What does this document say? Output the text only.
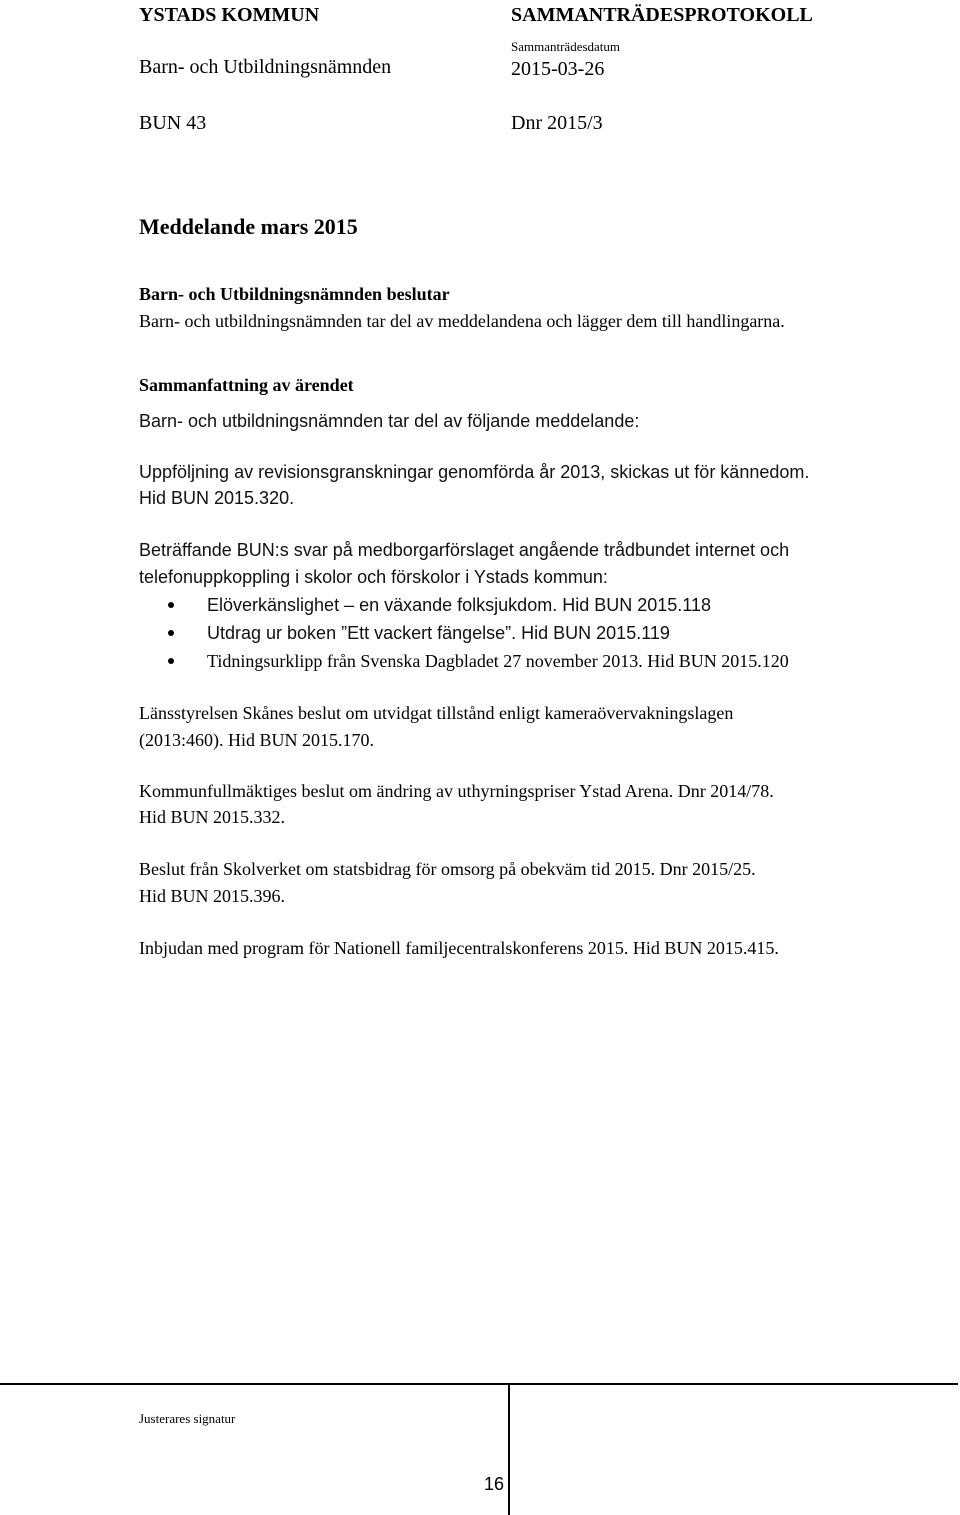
YSTADS KOMMUN	SAMMANTRÄDESPROTOKOLL
Barn- och Utbildningsnämnden
Sammanträdesdatum
2015-03-26
BUN 43	Dnr 2015/3
Meddelande mars 2015
Barn- och Utbildningsnämnden beslutar
Barn- och utbildningsnämnden tar del av meddelandena och lägger dem till handlingarna.
Sammanfattning av ärendet
Barn- och utbildningsnämnden tar del av följande meddelande:
Uppföljning av revisionsgranskningar genomförda år 2013, skickas ut för kännedom.
Hid BUN 2015.320.
Beträffande BUN:s svar på medborgarförslaget angående trådbundet internet och
telefonuppkoppling i skolor och förskolor i Ystads kommun:
Elöverkänslighet – en växande folksjukdom. Hid BUN 2015.118
Utdrag ur boken ”Ett vackert fängelse”. Hid BUN 2015.119
Tidningsurklipp från Svenska Dagbladet 27 november 2013. Hid BUN 2015.120
Länsstyrelsen Skånes beslut om utvidgat tillstånd enligt kameraövervakningslagen
(2013:460). Hid BUN 2015.170.
Kommunfullmäktiges beslut om ändring av uthyrningspriser Ystad Arena. Dnr 2014/78.
Hid BUN 2015.332.
Beslut från Skolverket om statsbidrag för omsorg på obekväm tid 2015. Dnr 2015/25.
Hid BUN 2015.396.
Inbjudan med program för Nationell familjecentralskonferens 2015. Hid BUN 2015.415.
Justerares signatur
16
